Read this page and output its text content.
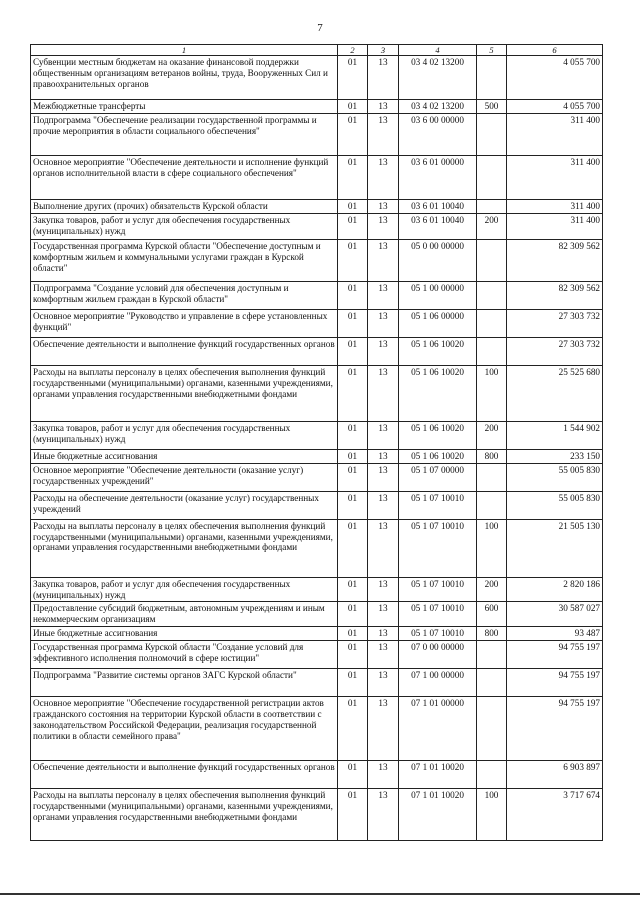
7
1	2	3	4	5	6
Субвенции местным бюджетам на оказание финансовой поддержки общественным организациям ветеранов войны, труда, Вооруженных Сил и правоохранительных органов	01	13	03 4 02 13200		4 055 700
Межбюджетные трансферты	01	13	03 4 02 13200	500	4 055 700
Подпрограмма "Обеспечение реализации государственной программы и прочие мероприятия в области социального обеспечения"	01	13	03 6 00 00000		311 400
Основное мероприятие "Обеспечение деятельности и исполнение функций органов исполнительной власти в сфере социального обеспечения"	01	13	03 6 01 00000		311 400
Выполнение других (прочих) обязательств Курской области	01	13	03 6 01 10040		311 400
Закупка товаров, работ и услуг для обеспечения государственных (муниципальных) нужд	01	13	03 6 01 10040	200	311 400
Государственная программа Курской области "Обеспечение доступным и комфортным жильем и коммунальными услугами граждан в Курской области"	01	13	05 0 00 00000		82 309 562
Подпрограмма "Создание условий для обеспечения доступным и комфортным жильем граждан в Курской области"	01	13	05 1 00 00000		82 309 562
Основное мероприятие "Руководство и управление в сфере установленных функций"	01	13	05 1 06 00000		27 303 732
Обеспечение деятельности и выполнение функций государственных органов	01	13	05 1 06 10020		27 303 732
Расходы на выплаты персоналу в целях обеспечения выполнения функций государственными (муниципальными) органами, казенными учреждениями, органами управления государственными внебюджетными фондами	01	13	05 1 06 10020	100	25 525 680
Закупка товаров, работ и услуг для обеспечения государственных (муниципальных) нужд	01	13	05 1 06 10020	200	1 544 902
Иные бюджетные ассигнования	01	13	05 1 06 10020	800	233 150
Основное мероприятие "Обеспечение деятельности (оказание услуг) государственных учреждений"	01	13	05 1 07 00000		55 005 830
Расходы на обеспечение деятельности (оказание услуг) государственных учреждений	01	13	05 1 07 10010		55 005 830
Расходы на выплаты персоналу в целях обеспечения выполнения функций государственными (муниципальными) органами, казенными учреждениями, органами управления государственными внебюджетными фондами	01	13	05 1 07 10010	100	21 505 130
Закупка товаров, работ и услуг для обеспечения государственных (муниципальных) нужд	01	13	05 1 07 10010	200	2 820 186
Предоставление субсидий бюджетным, автономным учреждениям и иным некоммерческим организациям	01	13	05 1 07 10010	600	30 587 027
Иные бюджетные ассигнования	01	13	05 1 07 10010	800	93 487
Государственная программа Курской области "Создание условий для эффективного исполнения полномочий в сфере юстиции"	01	13	07 0 00 00000		94 755 197
Подпрограмма "Развитие системы органов ЗАГС Курской области"	01	13	07 1 00 00000		94 755 197
Основное мероприятие "Обеспечение государственной регистрации актов гражданского состояния на территории Курской области в соответствии с законодательством Российской Федерации, реализация государственной политики в области семейного права"	01	13	07 1 01 00000		94 755 197
Обеспечение деятельности и выполнение функций государственных органов	01	13	07 1 01 10020		6 903 897
Расходы на выплаты персоналу в целях обеспечения выполнения функций государственными (муниципальными) органами, казенными учреждениями, органами управления государственными внебюджетными фондами	01	13	07 1 01 10020	100	3 717 674
